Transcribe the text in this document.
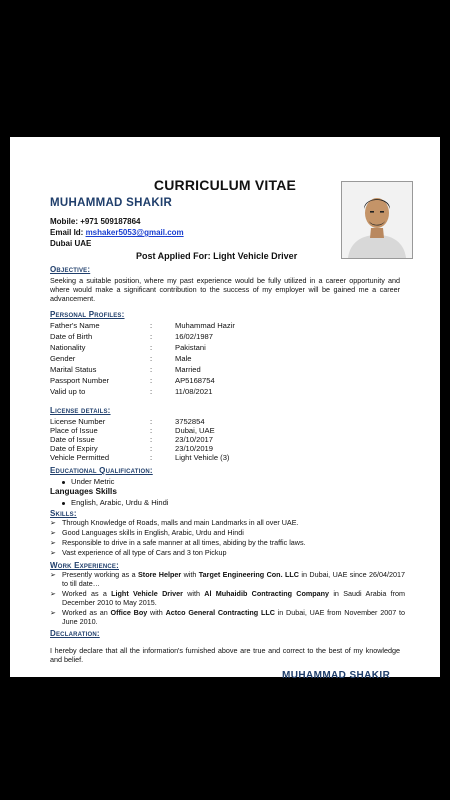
CURRICULUM VITAE
MUHAMMAD SHAKIR
Mobile: +971 509187864
Email Id: mshaker5053@gmail.com
Dubai UAE
Post Applied For: Light Vehicle Driver
Objective:
Seeking a suitable position, where my past experience would be fully utilized in a career opportunity and where would make a significant contribution to the success of my employer will be gained me a career advancement.
Personal Profiles:
Father's Name	:	Muhammad Hazir
Date of Birth	:	16/02/1987
Nationality	:	Pakistani
Gender	:	Male
Marital Status	:	Married
Passport Number	:	AP5168754
Valid up to	:	11/08/2021
License details:
License Number	:	3752854
Place of Issue	:	Dubai, UAE
Date of Issue	:	23/10/2017
Date of Expiry	:	23/10/2019
Vehicle Permitted	:	Light Vehicle (3)
Educational Qualification:
Under Metric
Languages Skills
English, Arabic, Urdu & Hindi
Skills:
➢ Through Knowledge of Roads, malls and main Landmarks in all over UAE.
➢ Good Languages skills in English, Arabic, Urdu and Hindi
➢ Responsible to drive in a safe manner at all times, abiding by the traffic laws.
➢ Vast experience of all type of Cars and 3 ton Pickup
Work Experience:
➢ Presently working as a Store Helper with Target Engineering Con. LLC in Dubai, UAE since 26/04/2017 to till date…
➢ Worked as a Light Vehicle Driver with Al Muhaidib Contracting Company in Saudi Arabia from December 2010 to May 2015.
➢ Worked as an Office Boy with Actco General Contracting LLC in Dubai, UAE from November 2007 to June 2010.
Declaration:
I hereby declare that all the information's furnished above are true and correct to the best of my knowledge and belief.
MUHAMMAD SHAKIR
